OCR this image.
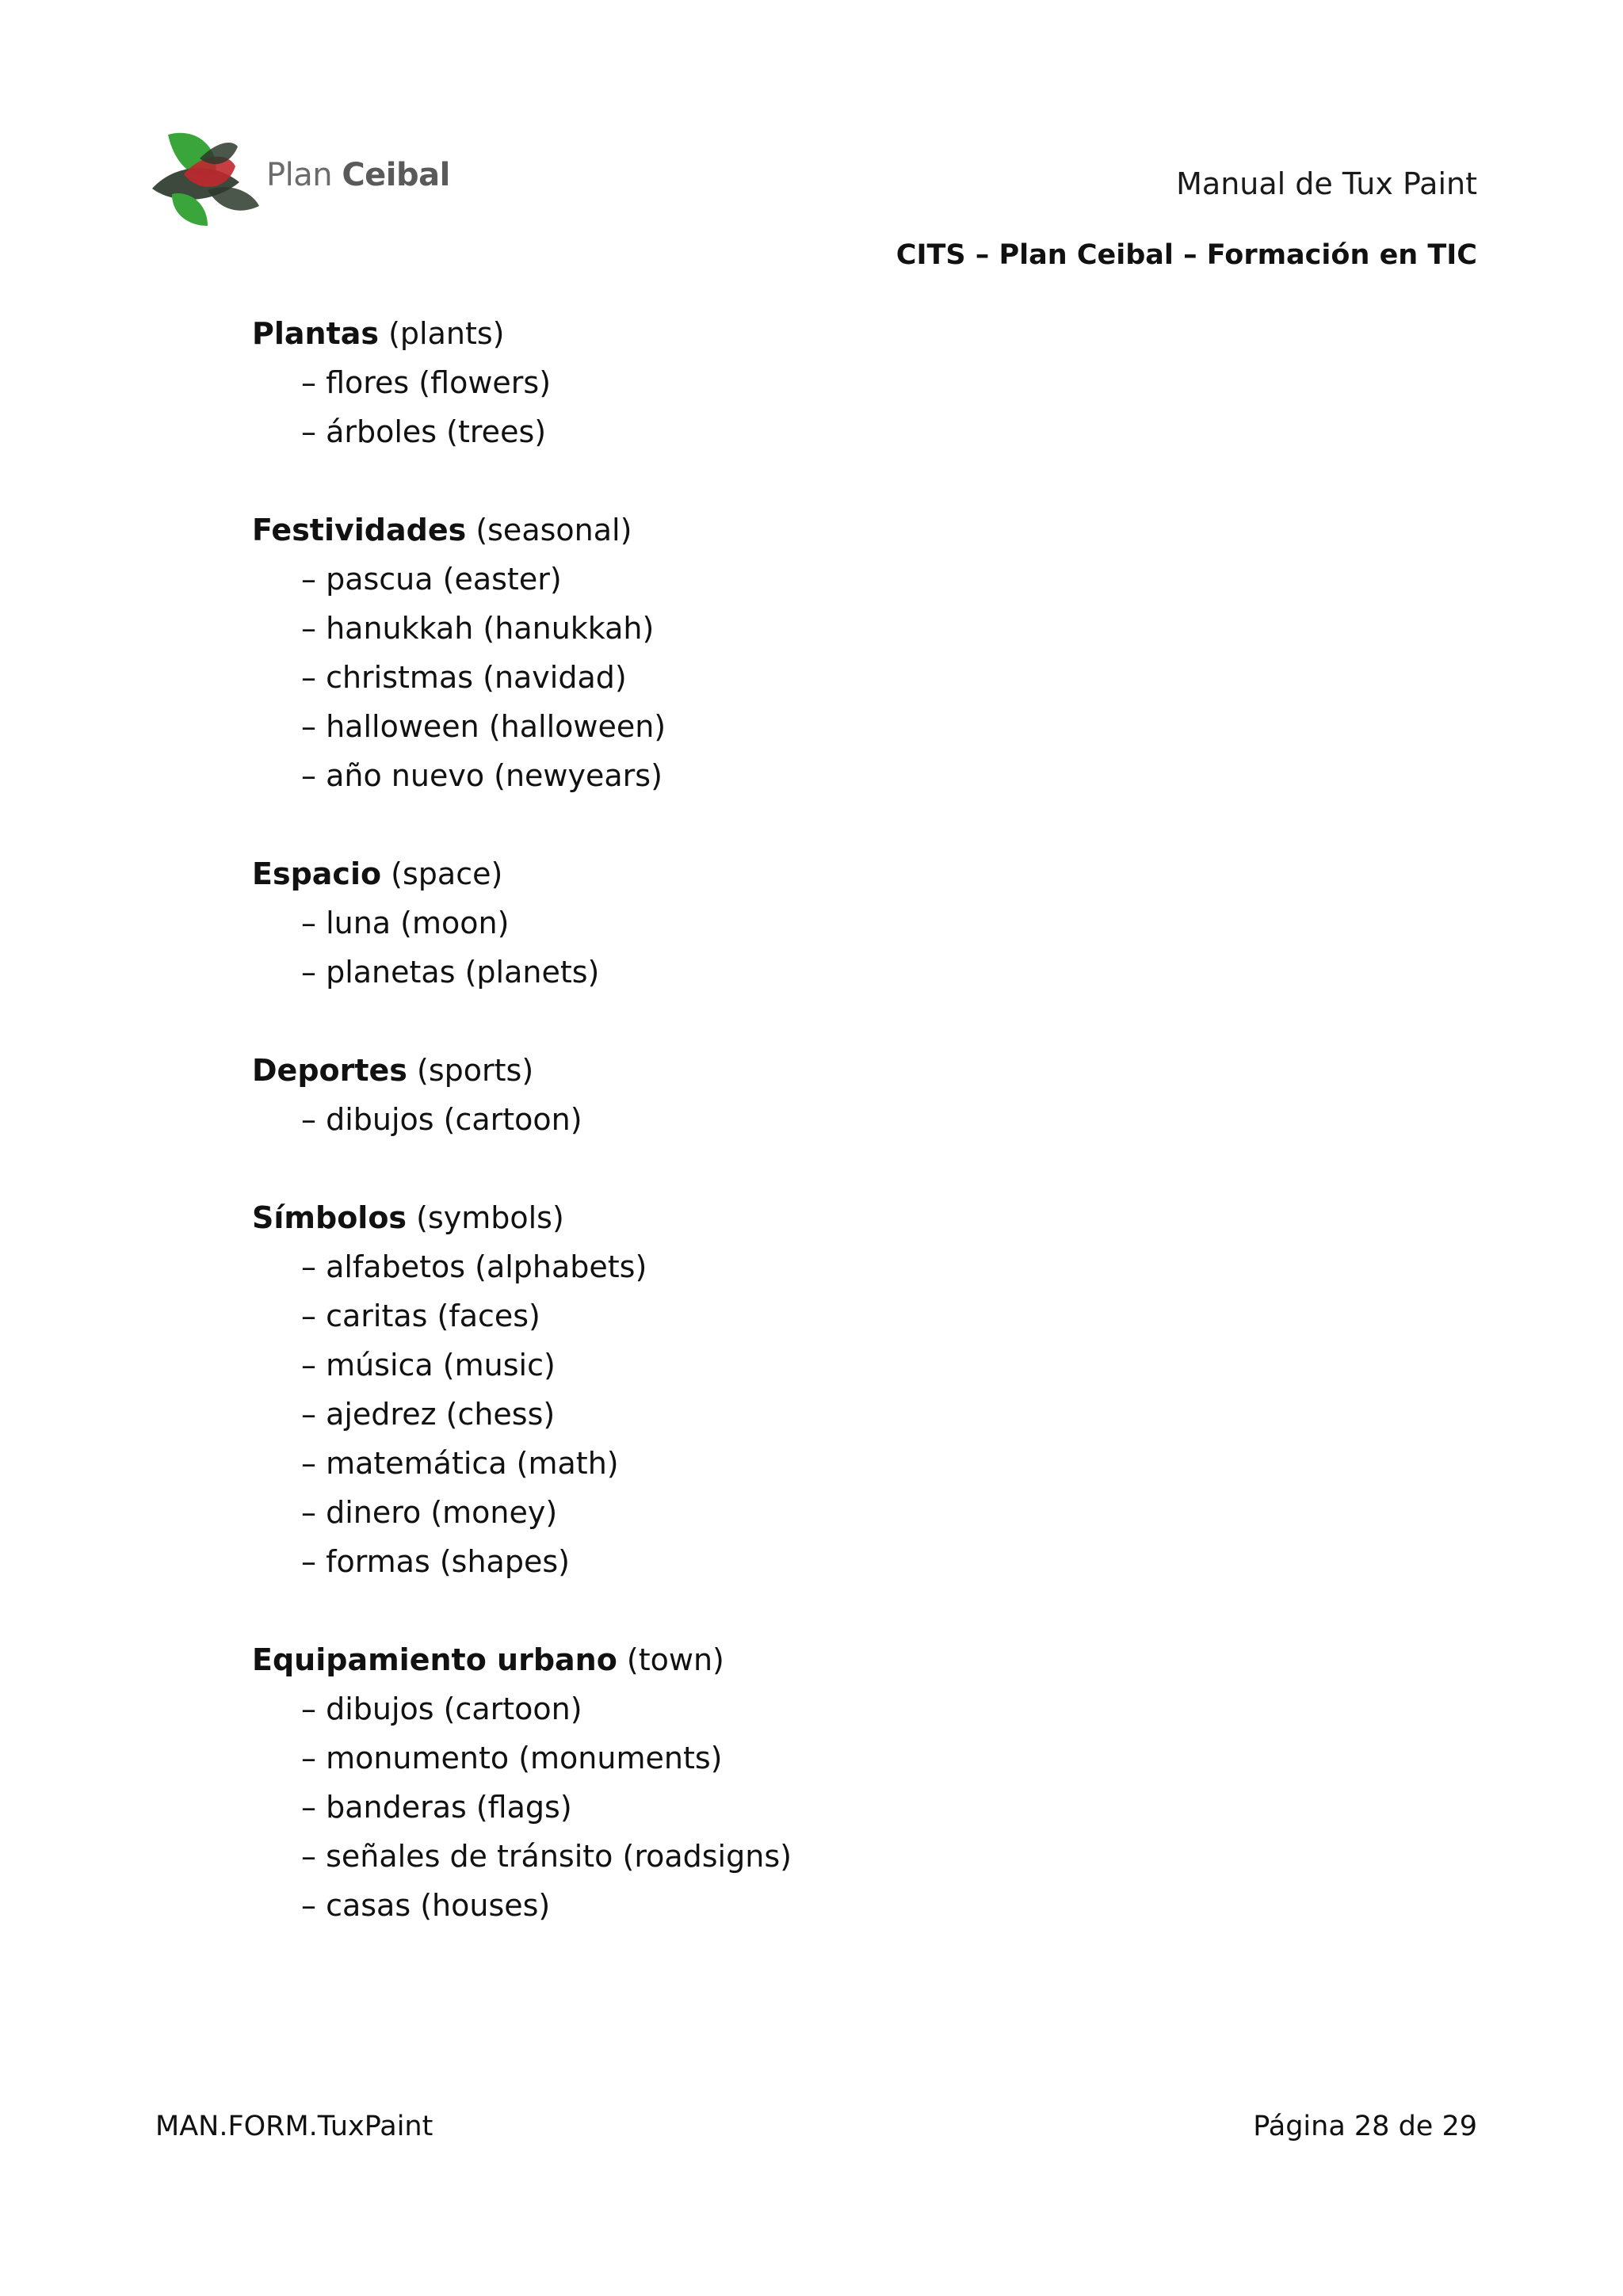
Plan Ceibal	Manual de Tux Paint
CITS – Plan Ceibal – Formación en TIC
Plantas (plants)
– flores (flowers)
– árboles (trees)
Festividades (seasonal)
– pascua (easter)
– hanukkah (hanukkah)
– christmas (navidad)
– halloween (halloween)
– año nuevo (newyears)
Espacio (space)
– luna (moon)
– planetas (planets)
Deportes (sports)
– dibujos (cartoon)
Símbolos (symbols)
– alfabetos (alphabets)
– caritas (faces)
– música (music)
– ajedrez (chess)
– matemática (math)
– dinero (money)
– formas (shapes)
Equipamiento urbano (town)
– dibujos (cartoon)
– monumento (monuments)
– banderas (flags)
– señales de tránsito (roadsigns)
– casas (houses)
MAN.FORM.TuxPaint	Página 28 de 29
